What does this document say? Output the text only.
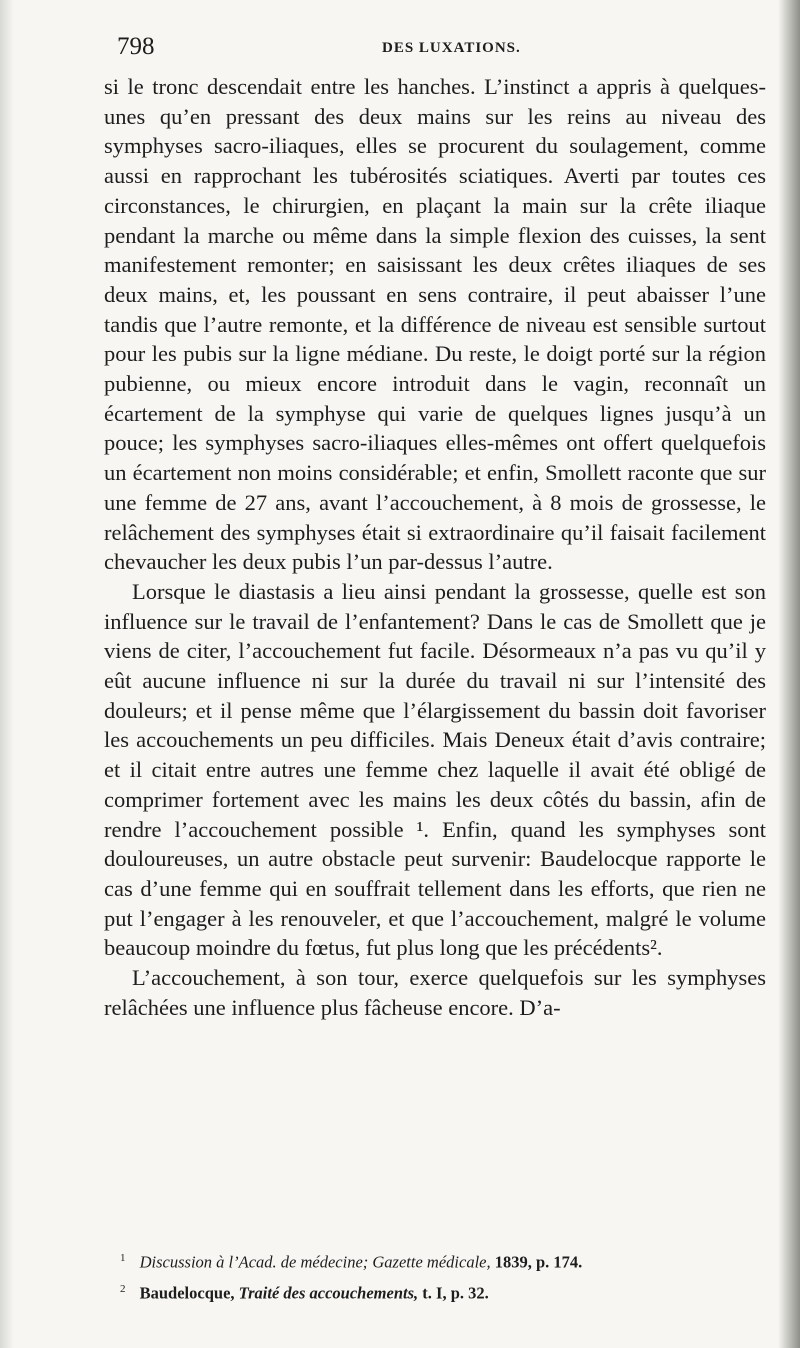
798	DES LUXATIONS.

si le tronc descendait entre les hanches. L’instinct a appris à quelques-unes qu’en pressant des deux mains sur les reins au niveau des symphyses sacro-iliaques, elles se procurent du soulagement, comme aussi en rapprochant les tubérosités sciatiques. Averti par toutes ces circonstances, le chirurgien, en plaçant la main sur la crête iliaque pendant la marche ou même dans la simple flexion des cuisses, la sent manifestement remonter; en saisissant les deux crêtes iliaques de ses deux mains, et, les poussant en sens contraire, il peut abaisser l’une tandis que l’autre remonte, et la différence de niveau est sensible surtout pour les pubis sur la ligne médiane. Du reste, le doigt porté sur la région pubienne, ou mieux encore introduit dans le vagin, reconnaît un écartement de la symphyse qui varie de quelques lignes jusqu’à un pouce; les symphyses sacro-iliaques elles-mêmes ont offert quelquefois un écartement non moins considérable; et enfin, Smollett raconte que sur une femme de 27 ans, avant l’accouchement, à 8 mois de grossesse, le relâchement des symphyses était si extraordinaire qu’il faisait facilement chevaucher les deux pubis l’un par-dessus l’autre.

Lorsque le diastasis a lieu ainsi pendant la grossesse, quelle est son influence sur le travail de l’enfantement? Dans le cas de Smollett que je viens de citer, l’accouchement fut facile. Désormeaux n’a pas vu qu’il y eût aucune influence ni sur la durée du travail ni sur l’intensité des douleurs; et il pense même que l’élargissement du bassin doit favoriser les accouchements un peu difficiles. Mais Deneux était d’avis contraire; et il citait entre autres une femme chez laquelle il avait été obligé de comprimer fortement avec les mains les deux côtés du bassin, afin de rendre l’accouchement possible ¹. Enfin, quand les symphyses sont douloureuses, un autre obstacle peut survenir: Baudelocque rapporte le cas d’une femme qui en souffrait tellement dans les efforts, que rien ne put l’engager à les renouveler, et que l’accouchement, malgré le volume beaucoup moindre du fœtus, fut plus long que les précédents².

L’accouchement, à son tour, exerce quelquefois sur les symphyses relâchées une influence plus fâcheuse encore. D’a-

$^1$ Discussion à l’Acad. de médecine; Gazette médicale, 1839, p. 174.
$^2$ Baudelocque, Traité des accouchements, t. I, p. 32.
